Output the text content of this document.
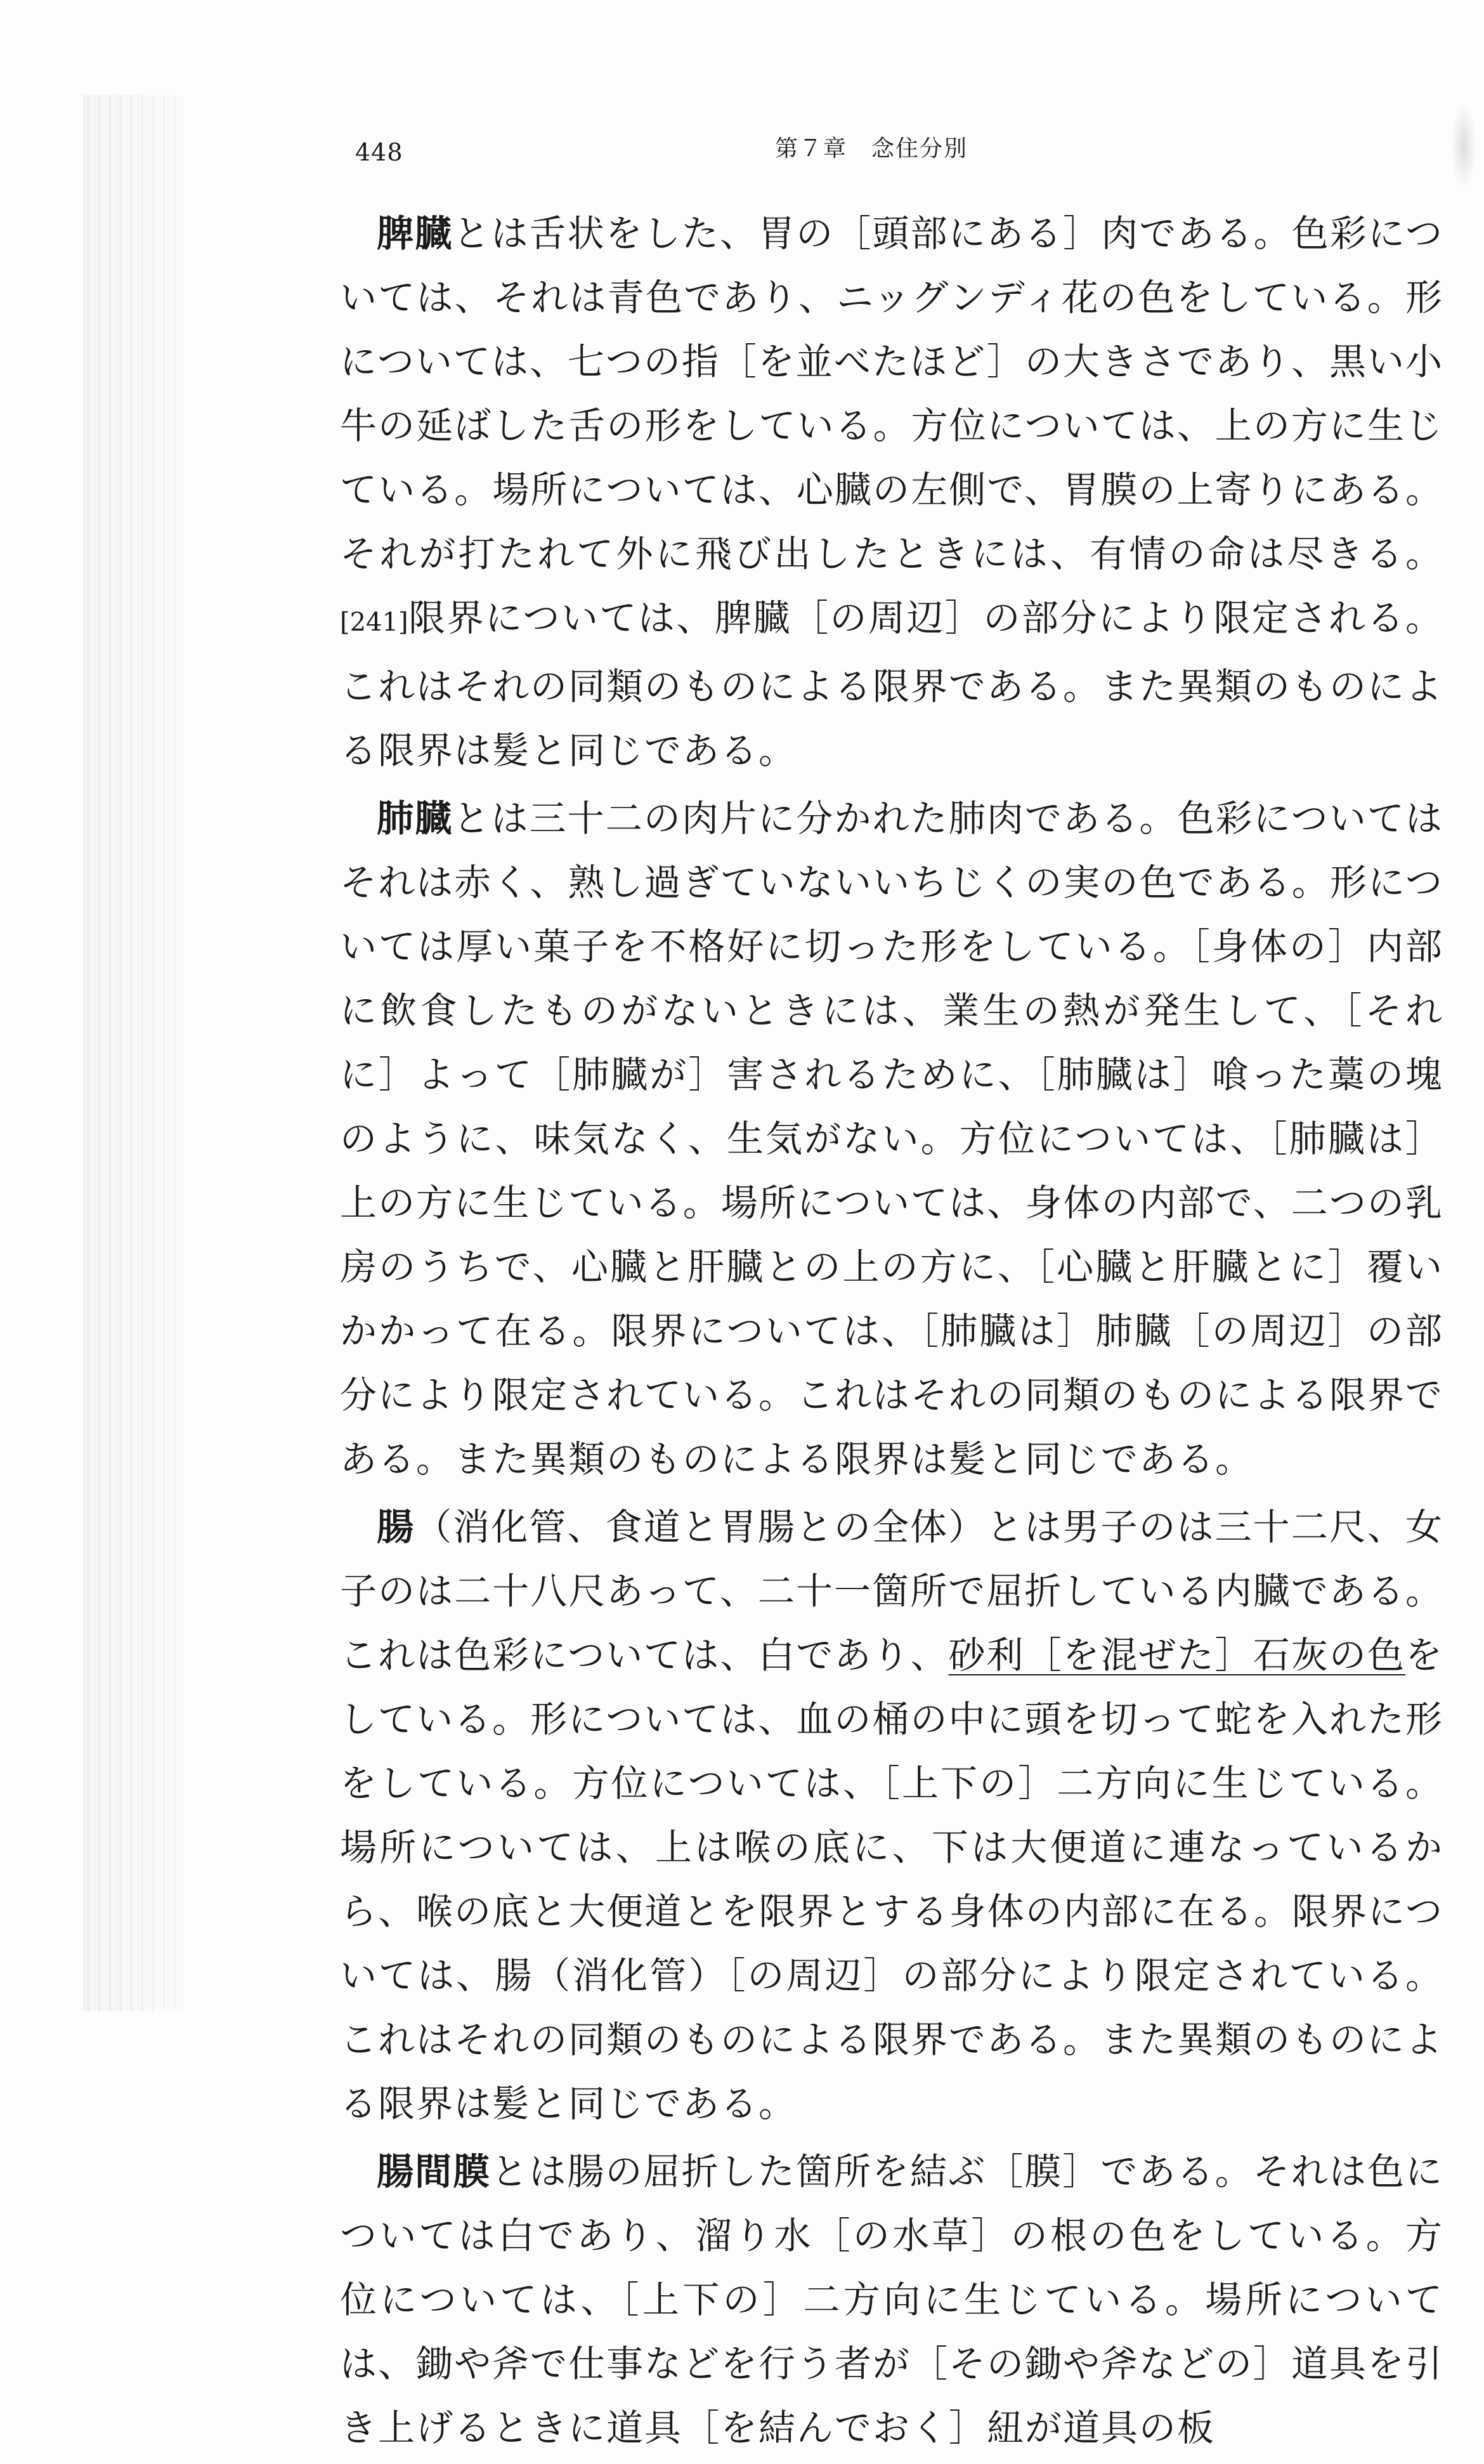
448	第７章　念住分別

脾臓とは舌状をした、胃の［頭部にある］肉である。色彩については、それは青色であり、ニッグンディ花の色をしている。形については、七つの指［を並べたほど］の大きさであり、黒い小牛の延ばした舌の形をしている。方位については、上の方に生じている。場所については、心臓の左側で、胃膜の上寄りにある。それが打たれて外に飛び出したときには、有情の命は尽きる。[241]限界については、脾臓［の周辺］の部分により限定される。これはそれの同類のものによる限界である。また異類のものによる限界は髪と同じである。

肺臓とは三十二の肉片に分かれた肺肉である。色彩についてはそれは赤く、熟し過ぎていないいちじくの実の色である。形については厚い菓子を不格好に切った形をしている。［身体の］内部に飲食したものがないときには、業生の熱が発生して、［それに］よって［肺臓が］害されるために、［肺臓は］喰った藁の塊のように、味気なく、生気がない。方位については、［肺臓は］上の方に生じている。場所については、身体の内部で、二つの乳房のうちで、心臓と肝臓との上の方に、［心臓と肝臓とに］覆いかかって在る。限界については、［肺臓は］肺臓［の周辺］の部分により限定されている。これはそれの同類のものによる限界である。また異類のものによる限界は髪と同じである。

腸（消化管、食道と胃腸との全体）とは男子のは三十二尺、女子のは二十八尺あって、二十一箇所で屈折している内臓である。これは色彩については、白であり、砂利［を混ぜた］石灰の色をしている。形については、血の桶の中に頭を切って蛇を入れた形をしている。方位については、［上下の］二方向に生じている。場所については、上は喉の底に、下は大便道に連なっているから、喉の底と大便道とを限界とする身体の内部に在る。限界については、腸（消化管）［の周辺］の部分により限定されている。これはそれの同類のものによる限界である。また異類のものによる限界は髪と同じである。

腸間膜とは腸の屈折した箇所を結ぶ［膜］である。それは色については白であり、溜り水［の水草］の根の色をしている。方位については、［上下の］二方向に生じている。場所については、鋤や斧で仕事などを行う者が［その鋤や斧などの］道具を引き上げるときに道具［を結んでおく］紐が道具の板
